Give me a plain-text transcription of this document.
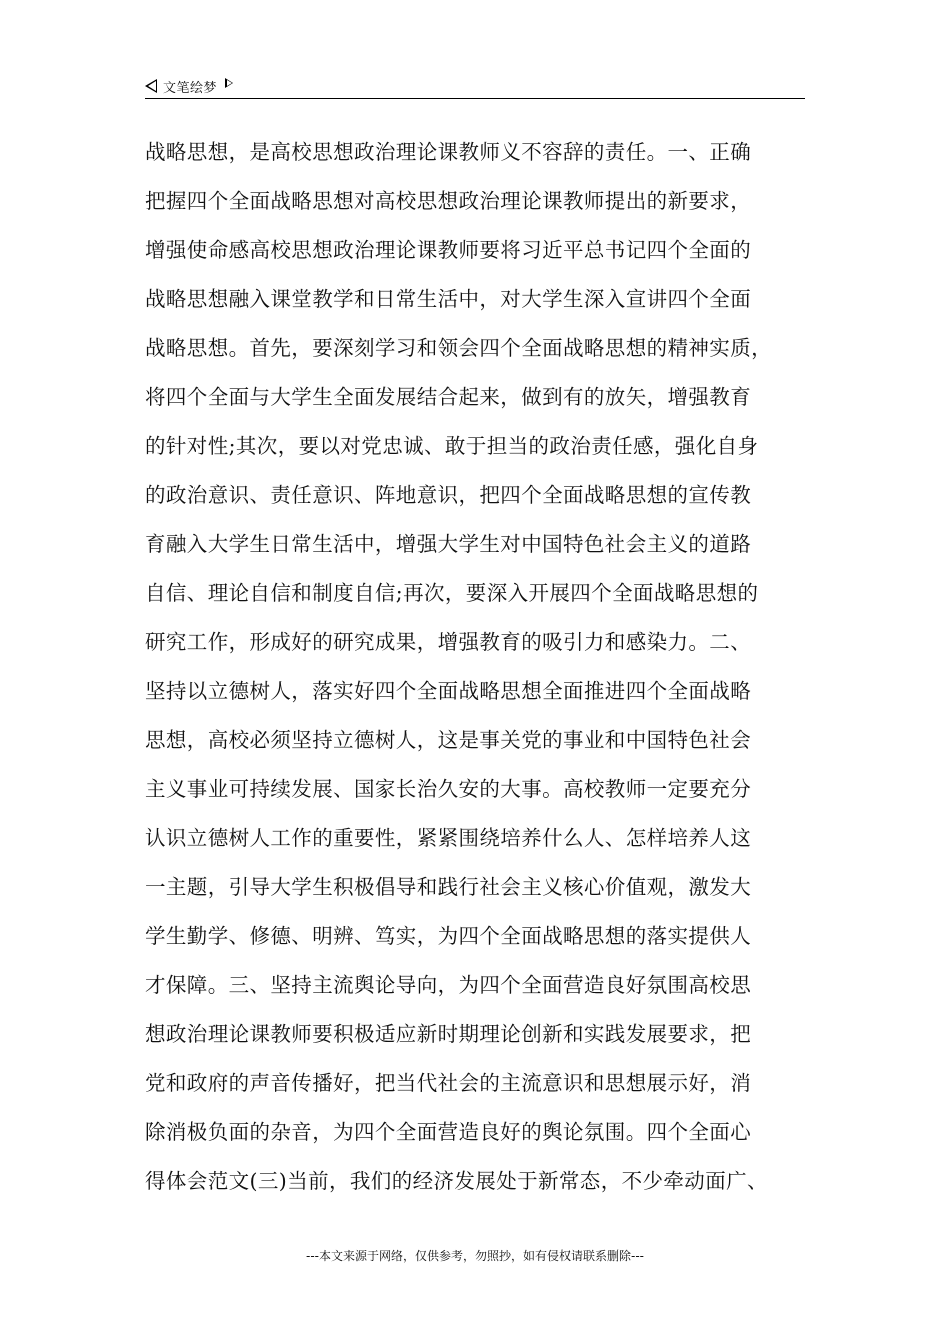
文笔绘梦
战略思想，是高校思想政治理论课教师义不容辞的责任。一、正确
把握四个全面战略思想对高校思想政治理论课教师提出的新要求，
增强使命感高校思想政治理论课教师要将习近平总书记四个全面的
战略思想融入课堂教学和日常生活中，对大学生深入宣讲四个全面
战略思想。首先，要深刻学习和领会四个全面战略思想的精神实质，
将四个全面与大学生全面发展结合起来，做到有的放矢，增强教育
的针对性;其次，要以对党忠诚、敢于担当的政治责任感，强化自身
的政治意识、责任意识、阵地意识，把四个全面战略思想的宣传教
育融入大学生日常生活中，增强大学生对中国特色社会主义的道路
自信、理论自信和制度自信;再次，要深入开展四个全面战略思想的
研究工作，形成好的研究成果，增强教育的吸引力和感染力。二、
坚持以立德树人，落实好四个全面战略思想全面推进四个全面战略
思想，高校必须坚持立德树人，这是事关党的事业和中国特色社会
主义事业可持续发展、国家长治久安的大事。高校教师一定要充分
认识立德树人工作的重要性，紧紧围绕培养什么人、怎样培养人这
一主题，引导大学生积极倡导和践行社会主义核心价值观，激发大
学生勤学、修德、明辨、笃实，为四个全面战略思想的落实提供人
才保障。三、坚持主流舆论导向，为四个全面营造良好氛围高校思
想政治理论课教师要积极适应新时期理论创新和实践发展要求，把
党和政府的声音传播好，把当代社会的主流意识和思想展示好，消
除消极负面的杂音，为四个全面营造良好的舆论氛围。四个全面心
得体会范文(三)当前，我们的经济发展处于新常态，不少牵动面广、
---本文来源于网络，仅供参考，勿照抄，如有侵权请联系删除---
